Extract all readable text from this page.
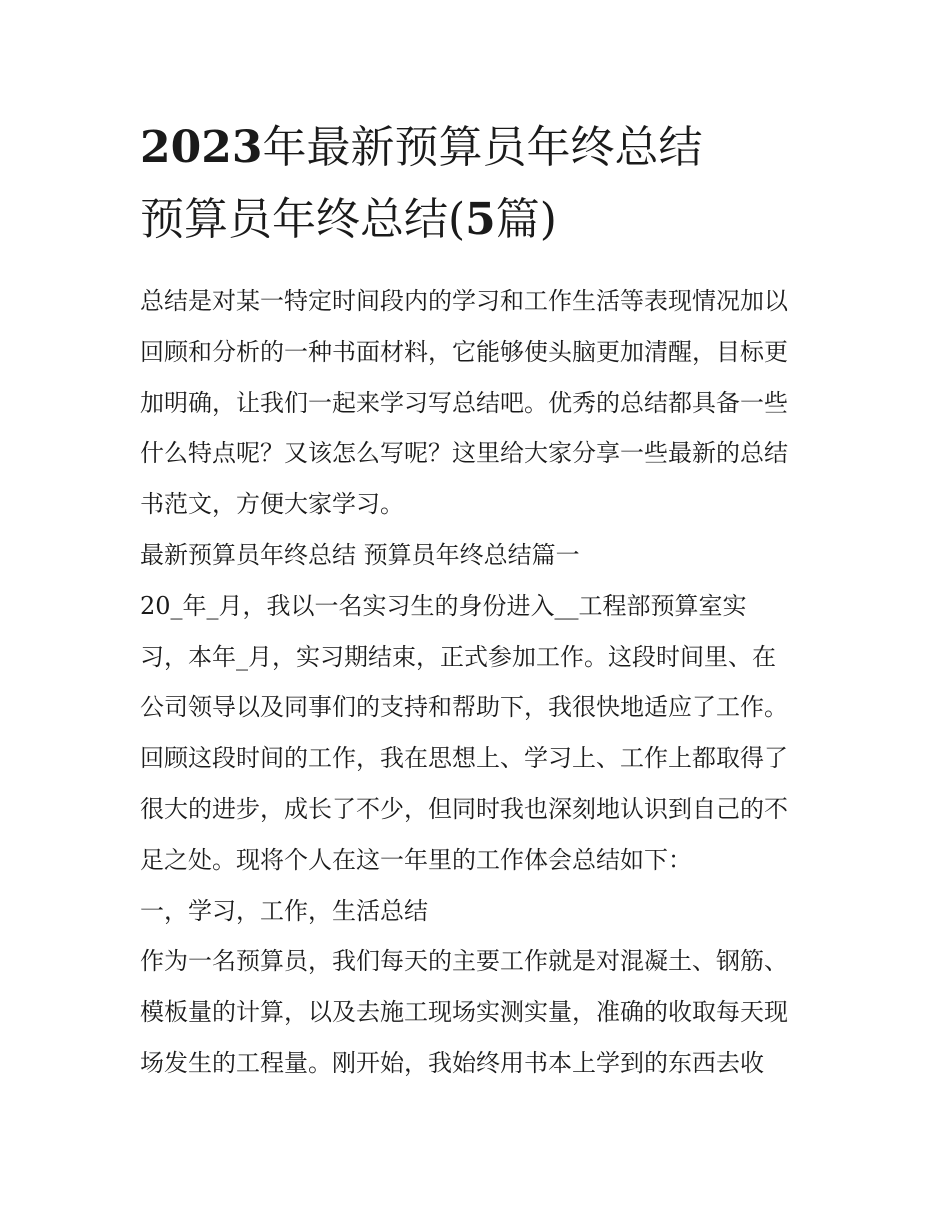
2023年最新预算员年终总结
预算员年终总结(5篇)
总结是对某一特定时间段内的学习和工作生活等表现情况加以
回顾和分析的一种书面材料，它能够使头脑更加清醒，目标更
加明确，让我们一起来学习写总结吧。优秀的总结都具备一些
什么特点呢？又该怎么写呢？这里给大家分享一些最新的总结
书范文，方便大家学习。
最新预算员年终总结 预算员年终总结篇一
20_年_月，我以一名实习生的身份进入__工程部预算室实
习，本年_月，实习期结束，正式参加工作。这段时间里、在
公司领导以及同事们的支持和帮助下，我很快地适应了工作。
回顾这段时间的工作，我在思想上、学习上、工作上都取得了
很大的进步，成长了不少，但同时我也深刻地认识到自己的不
足之处。现将个人在这一年里的工作体会总结如下：
一，学习，工作，生活总结
作为一名预算员，我们每天的主要工作就是对混凝土、钢筋、
模板量的计算，以及去施工现场实测实量，准确的收取每天现
场发生的工程量。刚开始，我始终用书本上学到的东西去收
